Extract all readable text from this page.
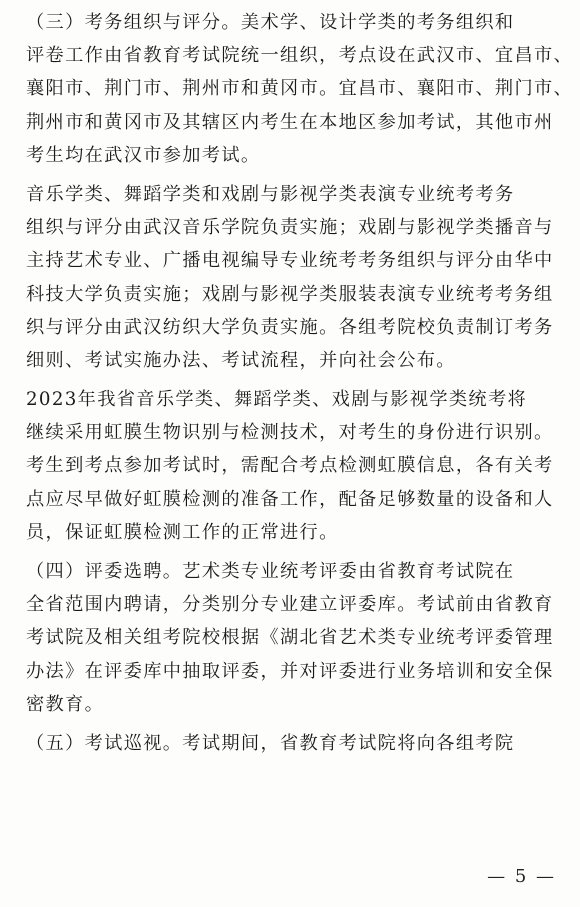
（三）考务组织与评分。美术学、设计学类的考务组织和
评卷工作由省教育考试院统一组织，考点设在武汉市、宜昌市、
襄阳市、荆门市、荆州市和黄冈市。宜昌市、襄阳市、荆门市、
荆州市和黄冈市及其辖区内考生在本地区参加考试，其他市州
考生均在武汉市参加考试。
音乐学类、舞蹈学类和戏剧与影视学类表演专业统考考务
组织与评分由武汉音乐学院负责实施；戏剧与影视学类播音与
主持艺术专业、广播电视编导专业统考考务组织与评分由华中
科技大学负责实施；戏剧与影视学类服装表演专业统考考务组
织与评分由武汉纺织大学负责实施。各组考院校负责制订考务
细则、考试实施办法、考试流程，并向社会公布。
2023年我省音乐学类、舞蹈学类、戏剧与影视学类统考将
继续采用虹膜生物识别与检测技术，对考生的身份进行识别。
考生到考点参加考试时，需配合考点检测虹膜信息，各有关考
点应尽早做好虹膜检测的准备工作，配备足够数量的设备和人
员，保证虹膜检测工作的正常进行。
（四）评委选聘。艺术类专业统考评委由省教育考试院在
全省范围内聘请，分类别分专业建立评委库。考试前由省教育
考试院及相关组考院校根据《湖北省艺术类专业统考评委管理
办法》在评委库中抽取评委，并对评委进行业务培训和安全保
密教育。
（五）考试巡视。考试期间，省教育考试院将向各组考院
— 5 —
